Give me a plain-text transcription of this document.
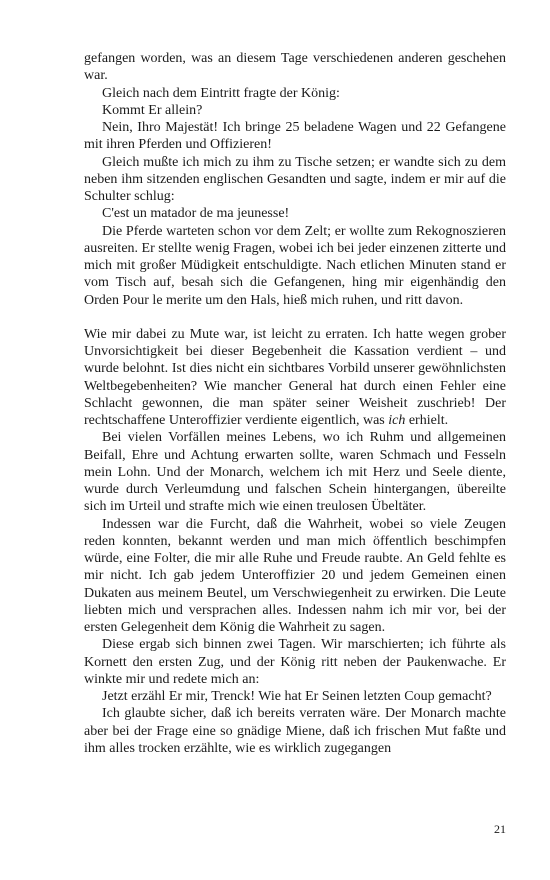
gefangen worden, was an diesem Tage verschiedenen anderen geschehen war.

Gleich nach dem Eintritt fragte der König:

Kommt Er allein?

Nein, Ihro Majestät! Ich bringe 25 beladene Wagen und 22 Gefangene mit ihren Pferden und Offizieren!

Gleich mußte ich mich zu ihm zu Tische setzen; er wandte sich zu dem neben ihm sitzenden englischen Gesandten und sagte, indem er mir auf die Schulter schlug:

C'est un matador de ma jeunesse!

Die Pferde warteten schon vor dem Zelt; er wollte zum Rekognoszieren ausreiten. Er stellte wenig Fragen, wobei ich bei jeder einzenen zitterte und mich mit großer Müdigkeit entschuldigte. Nach etlichen Minuten stand er vom Tisch auf, besah sich die Gefangenen, hing mir eigenhändig den Orden Pour le merite um den Hals, hieß mich ruhen, und ritt davon.

Wie mir dabei zu Mute war, ist leicht zu erraten. Ich hatte wegen grober Unvorsichtigkeit bei dieser Begebenheit die Kassation verdient – und wurde belohnt. Ist dies nicht ein sichtbares Vorbild unserer gewöhnlichsten Weltbegebenheiten? Wie mancher General hat durch einen Fehler eine Schlacht gewonnen, die man später seiner Weisheit zuschrieb! Der rechtschaffene Unteroffizier verdiente eigentlich, was ich erhielt.

Bei vielen Vorfällen meines Lebens, wo ich Ruhm und allgemeinen Beifall, Ehre und Achtung erwarten sollte, waren Schmach und Fesseln mein Lohn. Und der Monarch, welchem ich mit Herz und Seele diente, wurde durch Verleumdung und falschen Schein hintergangen, übereilte sich im Urteil und strafte mich wie einen treulosen Übeltäter.

Indessen war die Furcht, daß die Wahrheit, wobei so viele Zeugen reden konnten, bekannt werden und man mich öffentlich beschimpfen würde, eine Folter, die mir alle Ruhe und Freude raubte. An Geld fehlte es mir nicht. Ich gab jedem Unteroffizier 20 und jedem Gemeinen einen Dukaten aus meinem Beutel, um Verschwiegenheit zu erwirken. Die Leute liebten mich und versprachen alles. Indessen nahm ich mir vor, bei der ersten Gelegenheit dem König die Wahrheit zu sagen.

Diese ergab sich binnen zwei Tagen. Wir marschierten; ich führte als Kornett den ersten Zug, und der König ritt neben der Paukenwache. Er winkte mir und redete mich an:

Jetzt erzähl Er mir, Trenck! Wie hat Er Seinen letzten Coup gemacht?

Ich glaubte sicher, daß ich bereits verraten wäre. Der Monarch machte aber bei der Frage eine so gnädige Miene, daß ich frischen Mut faßte und ihm alles trocken erzählte, wie es wirklich zugegangen

21
